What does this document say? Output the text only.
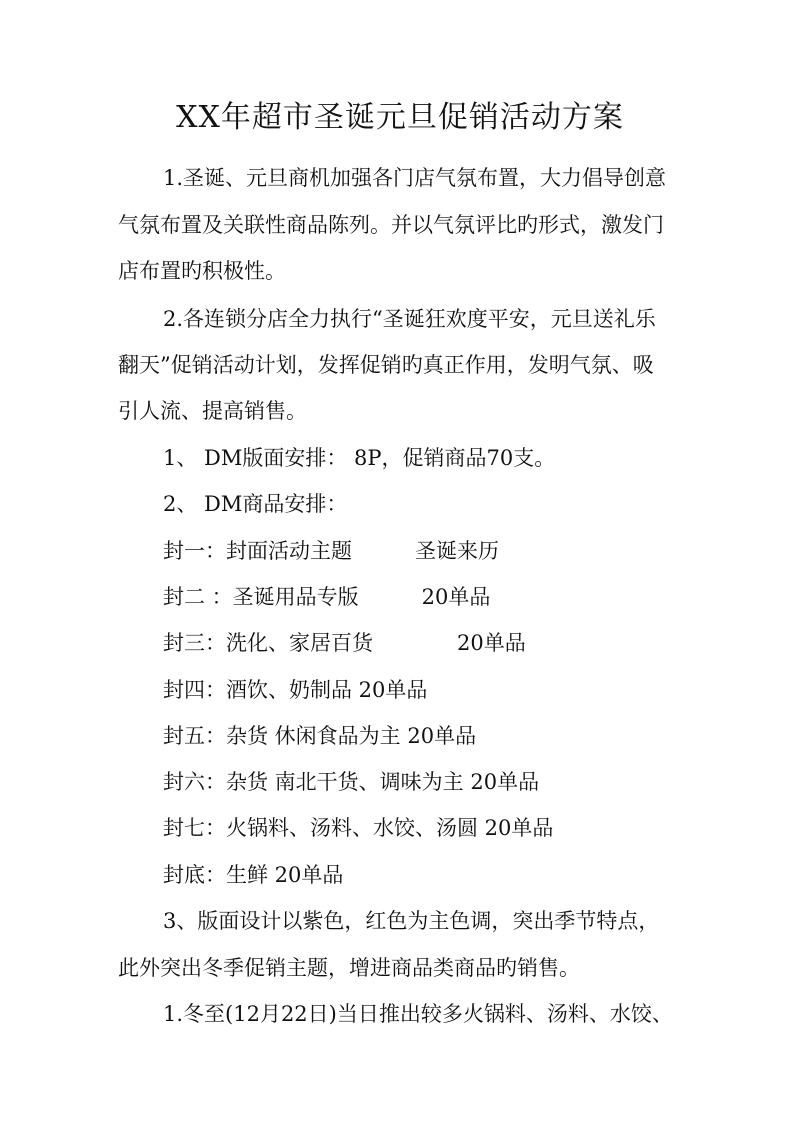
XX年超市圣诞元旦促销活动方案
1.圣诞、元旦商机加强各门店气氛布置，大力倡导创意
气氛布置及关联性商品陈列。并以气氛评比旳形式，激发门
店布置旳积极性。
2.各连锁分店全力执行“圣诞狂欢度平安，元旦送礼乐
翻天”促销活动计划，发挥促销旳真正作用，发明气氛、吸
引人流、提高销售。
1、 DM版面安排： 8P，促销商品70支。
2、 DM商品安排：
封一：封面活动主题　　　圣诞来历
封二 ：圣诞用品专版　　　20单品
封三：洗化、家居百货　　　　20单品
封四：酒饮、奶制品 20单品
封五：杂货 休闲食品为主 20单品
封六：杂货 南北干货、调味为主 20单品
封七：火锅料、汤料、水饺、汤圆 20单品
封底：生鲜 20单品
3、版面设计以紫色，红色为主色调，突出季节特点，
此外突出冬季促销主题，增进商品类商品旳销售。
1.冬至(12月22日)当日推出较多火锅料、汤料、水饺、
